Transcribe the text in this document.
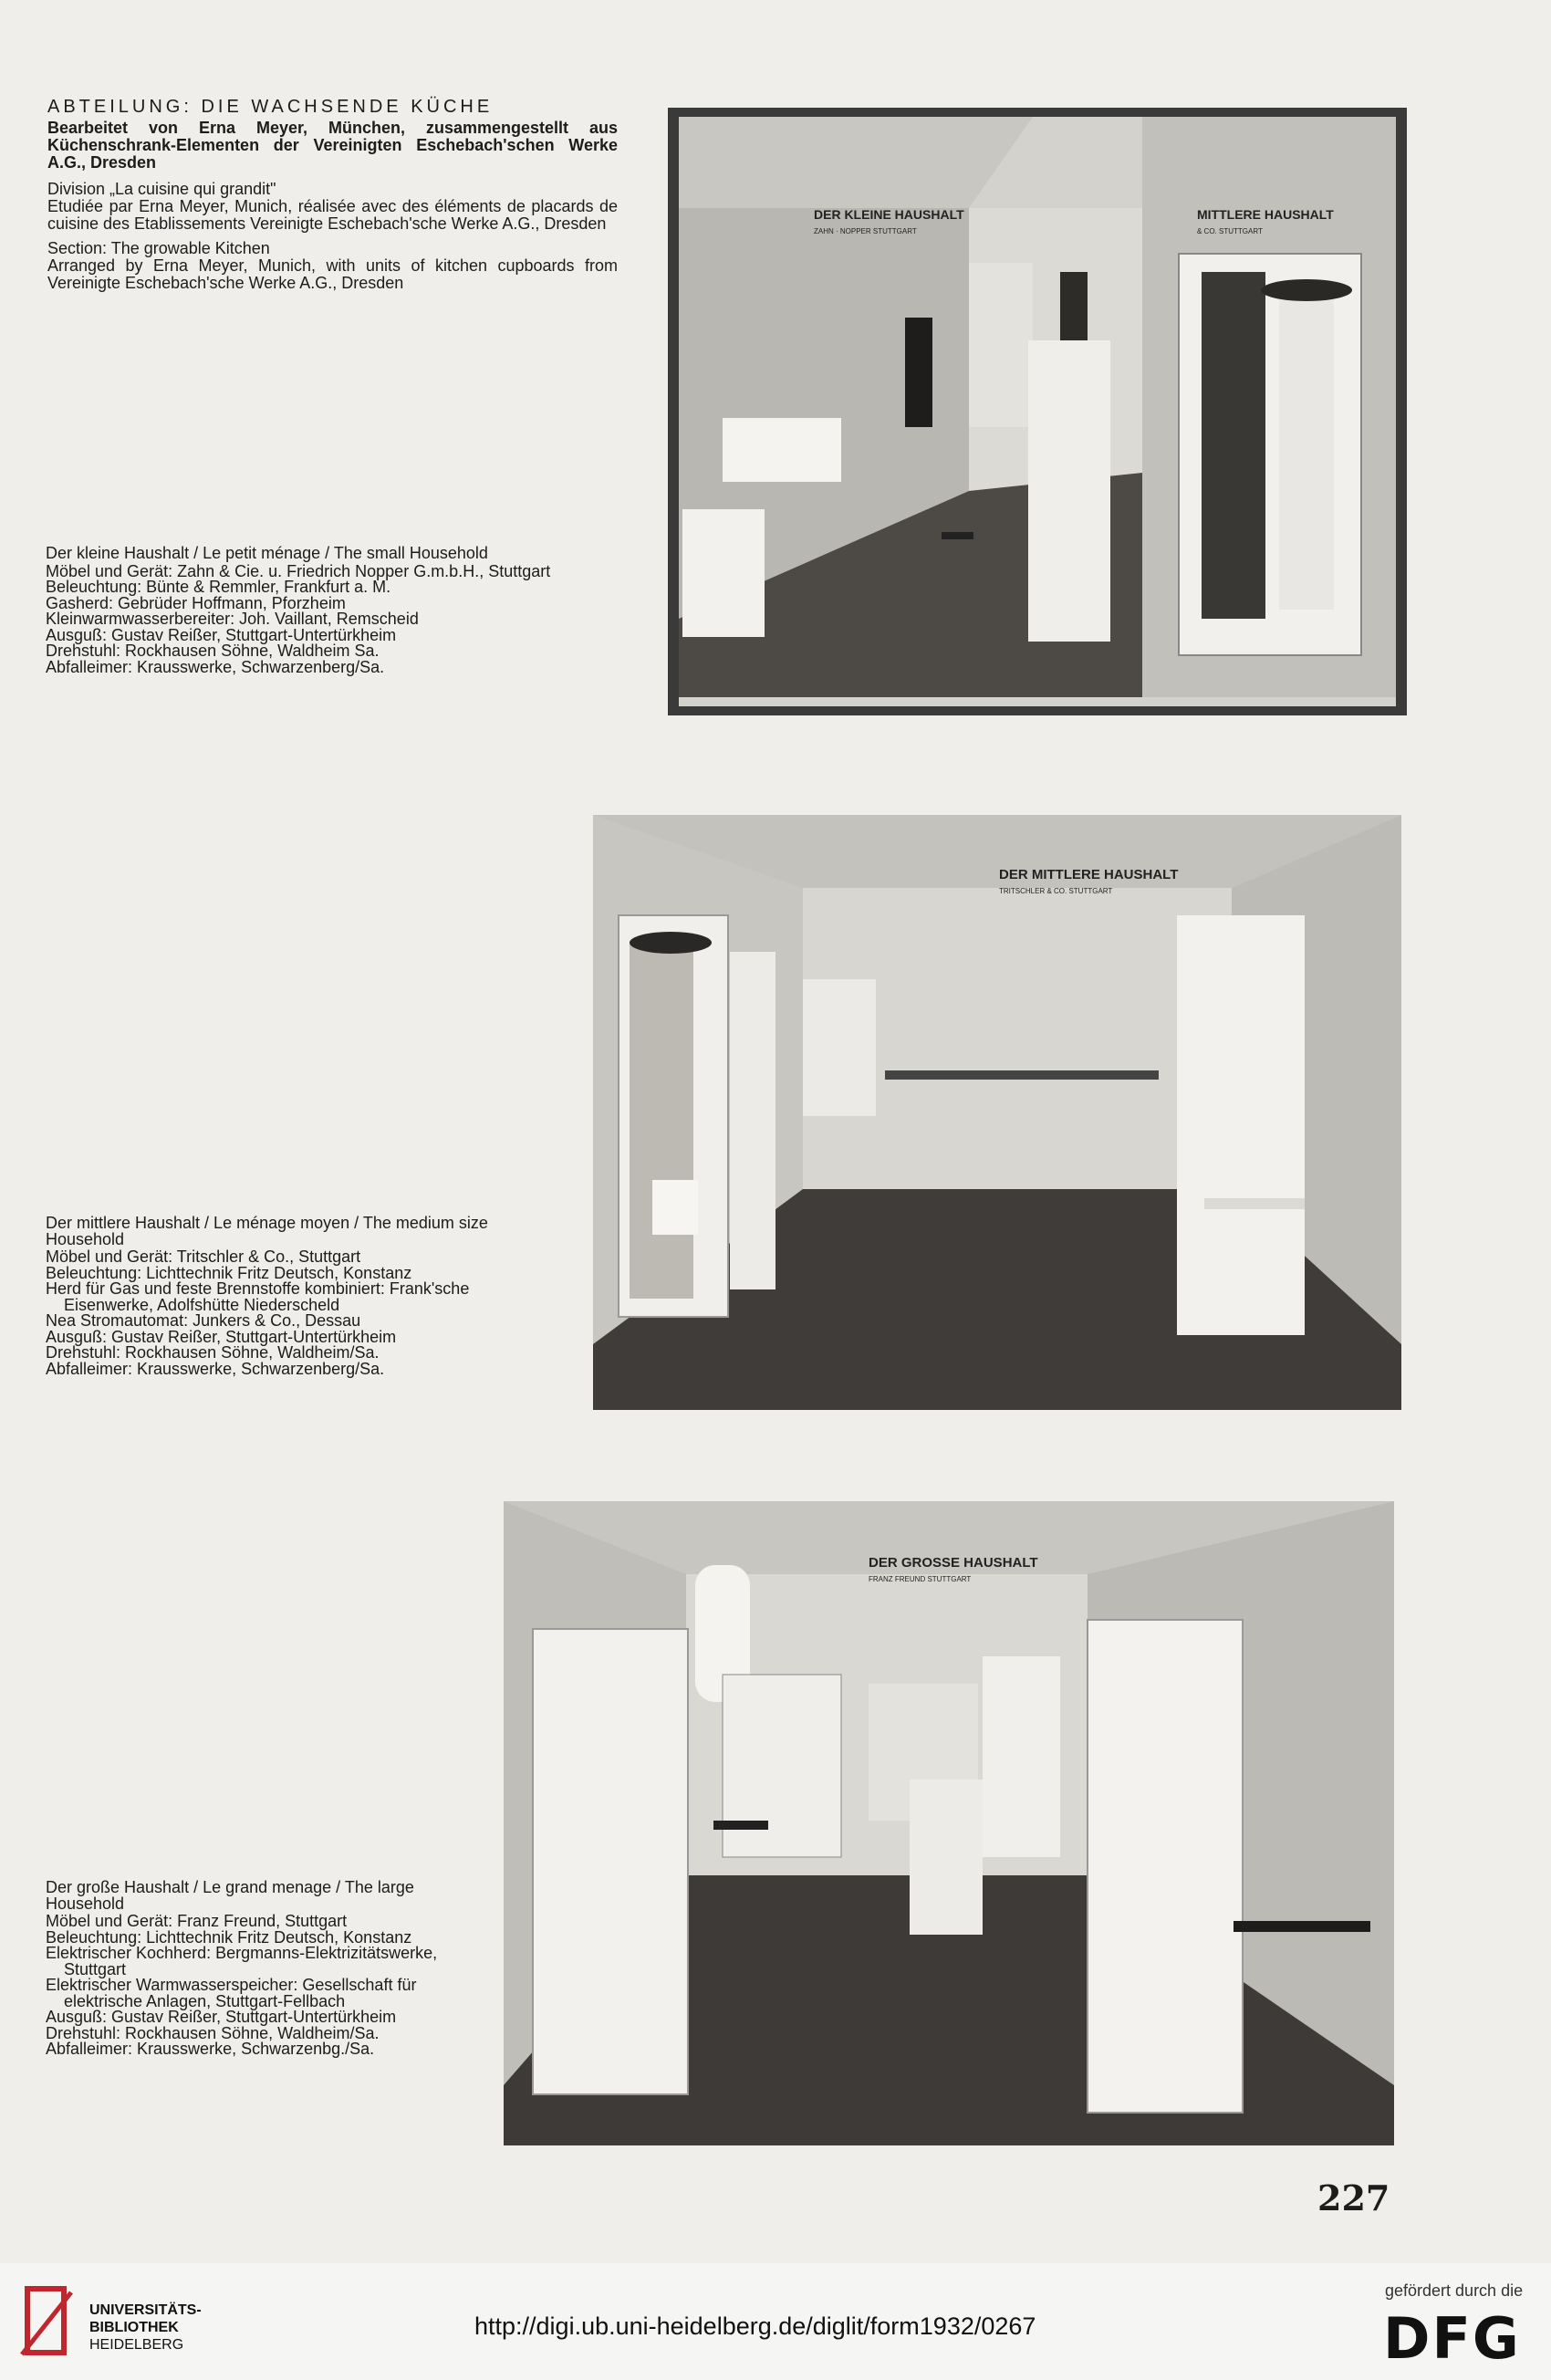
ABTEILUNG: DIE WACHSENDE KÜCHE
Bearbeitet von Erna Meyer, München, zusammengestellt aus Küchenschrank-Elementen der Vereinigten Eschebach'schen Werke A.G., Dresden
Division „La cuisine qui grandit"
Etudiée par Erna Meyer, Munich, réalisée avec des éléments de placards de cuisine des Etablissements Vereinigte Eschebach'sche Werke A.G., Dresden
Section: The growable Kitchen
Arranged by Erna Meyer, Munich, with units of kitchen cupboards from Vereinigte Eschebach'sche Werke A.G., Dresden
DER KLEINE HAUSHALT
ZAHN · NOPPER STUTTGART
MITTLERE HAUSHALT
& CO. STUTTGART
Der kleine Haushalt / Le petit ménage / The small Household
Möbel und Gerät: Zahn & Cie. u. Friedrich Nopper G.m.b.H., Stuttgart
Beleuchtung: Bünte & Remmler, Frankfurt a. M.
Gasherd: Gebrüder Hoffmann, Pforzheim
Kleinwarmwasserbereiter: Joh. Vaillant, Remscheid
Ausguß: Gustav Reißer, Stuttgart-Untertürkheim
Drehstuhl: Rockhausen Söhne, Waldheim Sa.
Abfalleimer: Krausswerke, Schwarzenberg/Sa.
DER MITTLERE HAUSHALT
TRITSCHLER & CO. STUTTGART
Der mittlere Haushalt / Le ménage moyen / The medium size Household
Möbel und Gerät: Tritschler & Co., Stuttgart
Beleuchtung: Lichttechnik Fritz Deutsch, Konstanz
Herd für Gas und feste Brennstoffe kombiniert: Frank'sche Eisenwerke, Adolfshütte Niederscheld
Nea Stromautomat: Junkers & Co., Dessau
Ausguß: Gustav Reißer, Stuttgart-Untertürkheim
Drehstuhl: Rockhausen Söhne, Waldheim/Sa.
Abfalleimer: Krausswerke, Schwarzenberg/Sa.
DER GROSSE HAUSHALT
FRANZ FREUND STUTTGART
Der große Haushalt / Le grand menage / The large Household
Möbel und Gerät: Franz Freund, Stuttgart
Beleuchtung: Lichttechnik Fritz Deutsch, Konstanz
Elektrischer Kochherd: Bergmanns-Elektrizitätswerke, Stuttgart
Elektrischer Warmwasserspeicher: Gesellschaft für elektrische Anlagen, Stuttgart-Fellbach
Ausguß: Gustav Reißer, Stuttgart-Untertürkheim
Drehstuhl: Rockhausen Söhne, Waldheim/Sa.
Abfalleimer: Krausswerke, Schwarzenbg./Sa.
227
UNIVERSITÄTS-
BIBLIOTHEK
HEIDELBERG
http://digi.ub.uni-heidelberg.de/diglit/form1932/0267
gefördert durch die
DFG
